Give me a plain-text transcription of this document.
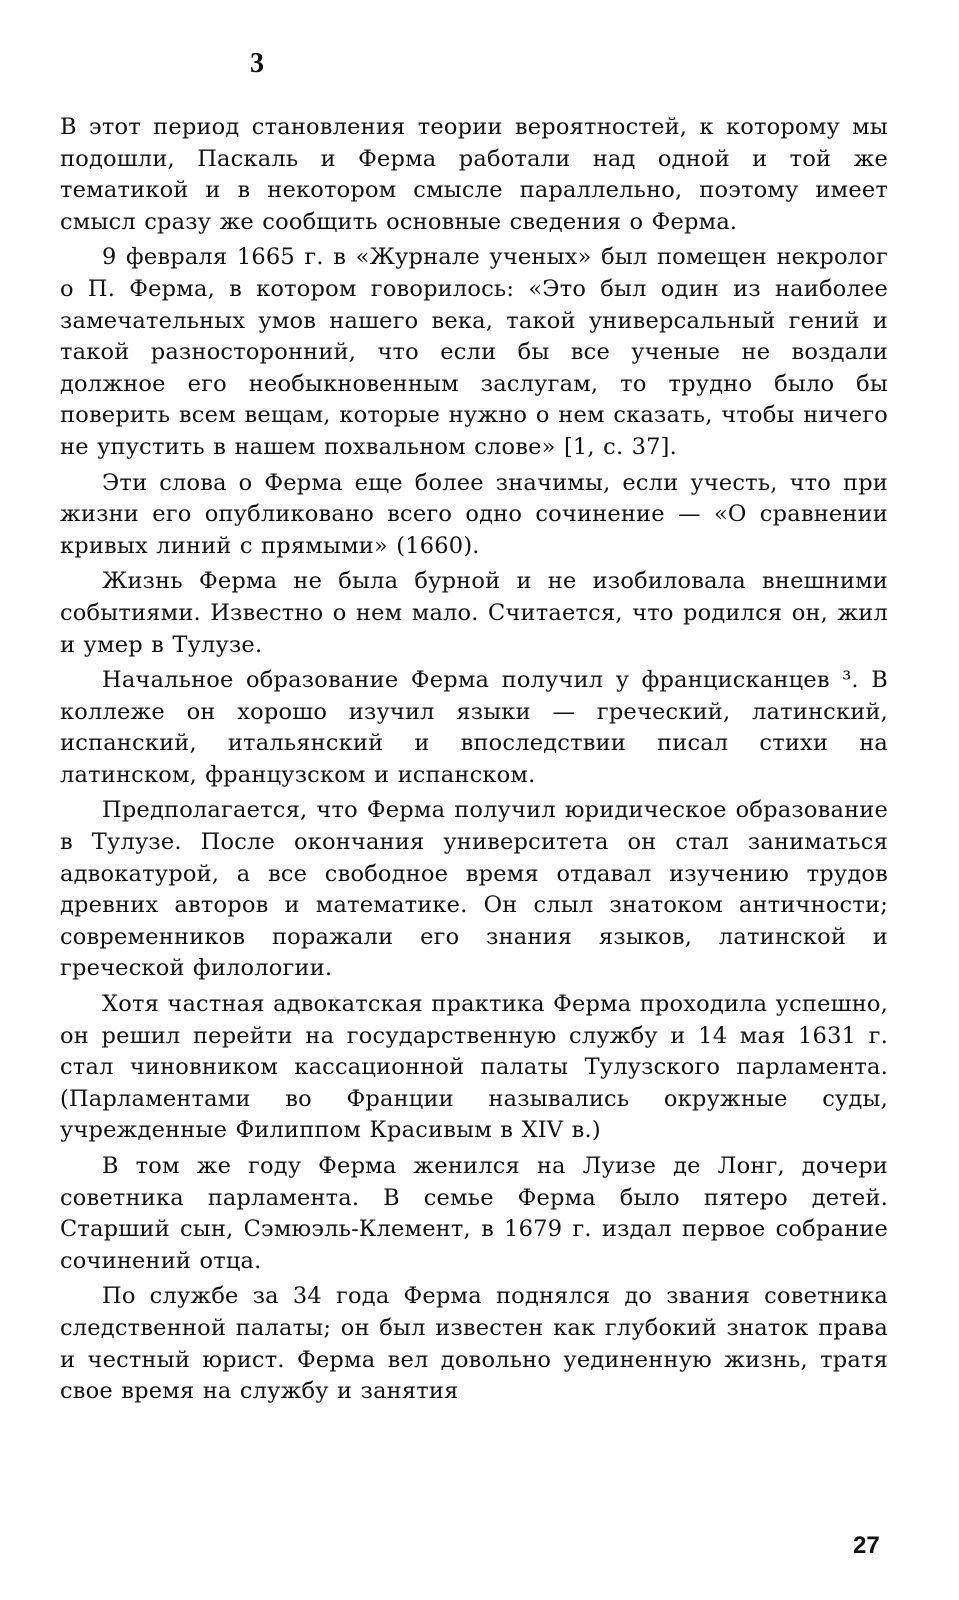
3

В этот период становления теории вероятностей, к которому мы подошли, Паскаль и Ферма работали над одной и той же тематикой и в некотором смысле параллельно, поэтому имеет смысл сразу же сообщить основные сведения о Ферма.

9 февраля 1665 г. в «Журнале ученых» был помещен некролог о П. Ферма, в котором говорилось: «Это был один из наиболее замечательных умов нашего века, такой универсальный гений и такой разносторонний, что если бы все ученые не воздали должное его необыкновенным заслугам, то трудно было бы поверить всем вещам, которые нужно о нем сказать, чтобы ничего не упустить в нашем похвальном слове» [1, с. 37].

Эти слова о Ферма еще более значимы, если учесть, что при жизни его опубликовано всего одно сочинение — «О сравнении кривых линий с прямыми» (1660).

Жизнь Ферма не была бурной и не изобиловала внешними событиями. Известно о нем мало. Считается, что родился он, жил и умер в Тулузе.

Начальное образование Ферма получил у францисканцев ³. В коллеже он хорошо изучил языки — греческий, латинский, испанский, итальянский и впоследствии писал стихи на латинском, французском и испанском.

Предполагается, что Ферма получил юридическое образование в Тулузе. После окончания университета он стал заниматься адвокатурой, а все свободное время отдавал изучению трудов древних авторов и математике. Он слыл знатоком античности; современников поражали его знания языков, латинской и греческой филологии.

Хотя частная адвокатская практика Ферма проходила успешно, он решил перейти на государственную службу и 14 мая 1631 г. стал чиновником кассационной палаты Тулузского парламента. (Парламентами во Франции назывались окружные суды, учрежденные Филиппом Красивым в XIV в.)

В том же году Ферма женился на Луизе де Лонг, дочери советника парламента. В семье Ферма было пятеро детей. Старший сын, Сэмюэль-Клемент, в 1679 г. издал первое собрание сочинений отца.

По службе за 34 года Ферма поднялся до звания советника следственной палаты; он был известен как глубокий знаток права и честный юрист. Ферма вел довольно уединенную жизнь, тратя свое время на службу и занятия

27
